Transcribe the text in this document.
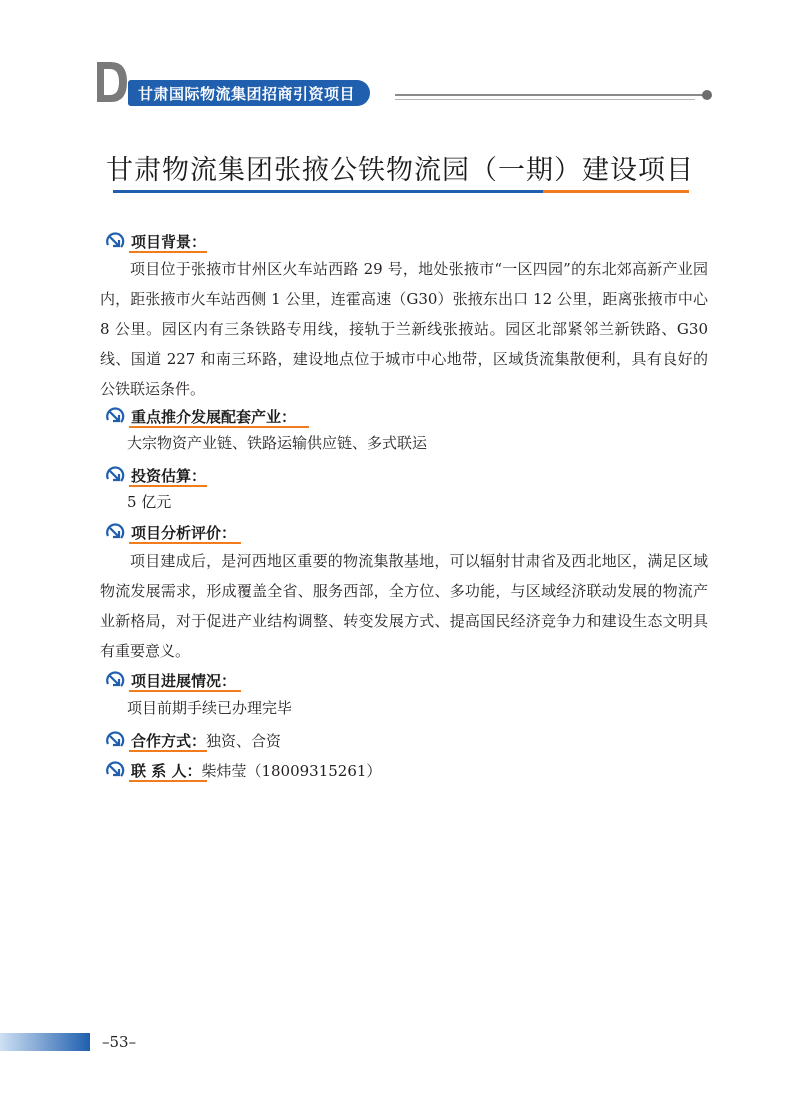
甘肃国际物流集团招商引资项目
甘肃物流集团张掖公铁物流园（一期）建设项目
项目背景：
项目位于张掖市甘州区火车站西路 29 号，地处张掖市“一区四园”的东北郊高新产业园内，距张掖市火车站西侧 1 公里，连霍高速（G30）张掖东出口 12 公里，距离张掖市中心 8 公里。园区内有三条铁路专用线，接轨于兰新线张掖站。园区北部紧邻兰新铁路、G30 线、国道 227 和南三环路，建设地点位于城市中心地带，区域货流集散便利，具有良好的公铁联运条件。
重点推介发展配套产业：
大宗物资产业链、铁路运输供应链、多式联运
投资估算：
5 亿元
项目分析评价：
项目建成后，是河西地区重要的物流集散基地，可以辐射甘肃省及西北地区，满足区域物流发展需求，形成覆盖全省、服务西部，全方位、多功能，与区域经济联动发展的物流产业新格局，对于促进产业结构调整、转变发展方式、提高国民经济竞争力和建设生态文明具有重要意义。
项目进展情况：
项目前期手续已办理完毕
合作方式：独资、合资
联 系 人：柴炜莹（18009315261）
–53–
